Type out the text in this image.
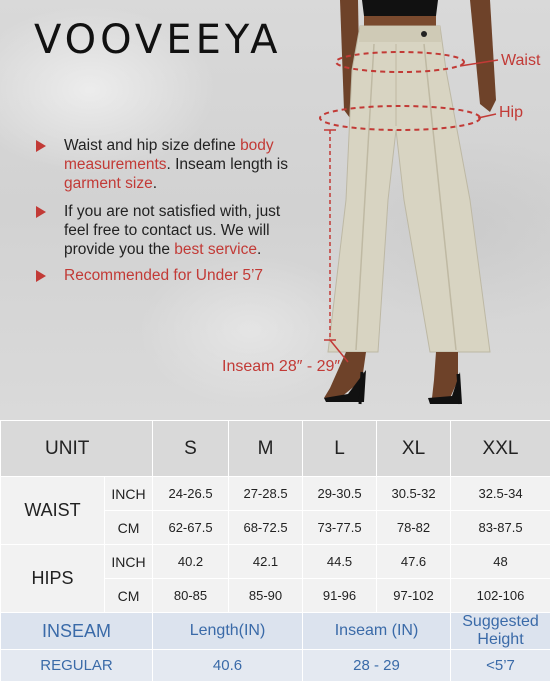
VOOVEEYA
Waist and hip size define body measurements. Inseam length is garment size.
If you are not satisfied with, just feel free to contact us. We will provide you the best service.
Recommended for Under 5’7
Waist
Hip
Inseam 28″ - 29″
UNIT		S	M	L	XL	XXL
WAIST	INCH	24-26.5	27-28.5	29-30.5	30.5-32	32.5-34
	CM	62-67.5	68-72.5	73-77.5	78-82	83-87.5
HIPS	INCH	40.2	42.1	44.5	47.6	48
	CM	80-85	85-90	91-96	97-102	102-106
INSEAM		Length(IN)		Inseam (IN)		Suggested Height
REGULAR		40.6		28 - 29		<5’7
